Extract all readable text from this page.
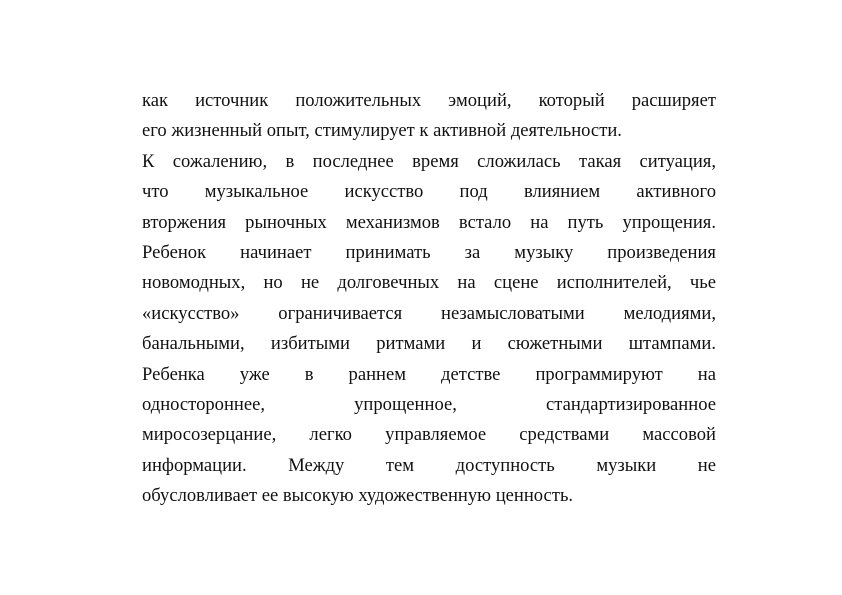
как источник положительных эмоций, который расширяет
его жизненный опыт, стимулирует к активной деятельности.
К сожалению, в последнее время сложилась такая ситуация,
что музыкальное искусство под влиянием активного
вторжения рыночных механизмов встало на путь упрощения.
Ребенок начинает принимать за музыку произведения
новомодных, но не долговечных на сцене исполнителей, чье
«искусство» ограничивается незамысловатыми мелодиями,
банальными, избитыми ритмами и сюжетными штампами.
Ребенка уже в раннем детстве программируют на
одностороннее, упрощенное, стандартизированное
миросозерцание, легко управляемое средствами массовой
информации. Между тем доступность музыки не
обусловливает ее высокую художественную ценность.
